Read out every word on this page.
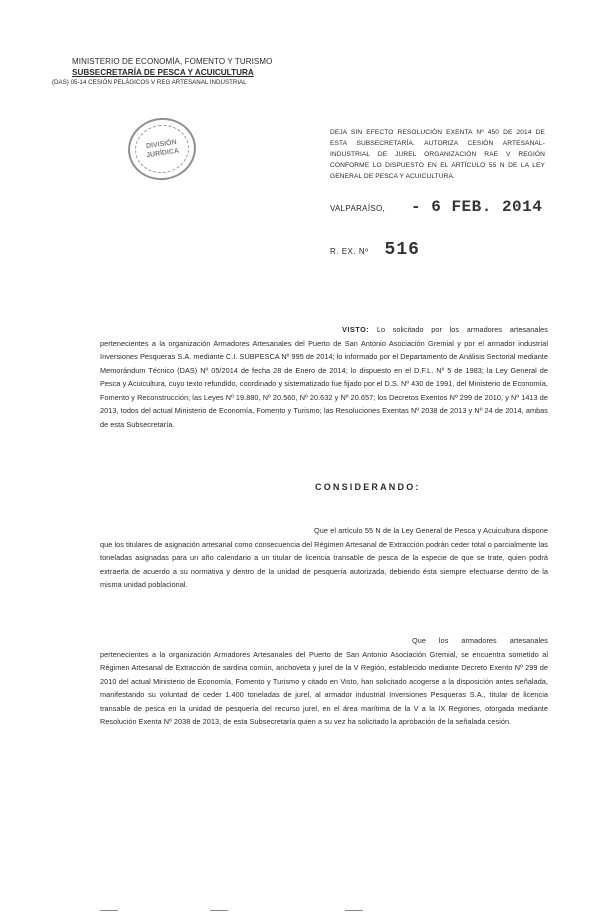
MINISTERIO DE ECONOMÍA, FOMENTO Y TURISMO
SUBSECRETARÍA DE PESCA Y ACUICULTURA
(DAS) 05-14 CESIÓN PELÁGICOS V REG ARTESANAL INDUSTRIAL
DIVISIÓN
JURÍDICA
DEJA SIN EFECTO RESOLUCIÓN EXENTA Nº 450 DE 2014 DE ESTA SUBSECRETARÍA. AUTORIZA CESIÓN ARTESANAL-INDUSTRIAL DE JUREL ORGANIZACIÓN RAE V REGIÓN CONFORME LO DISPUESTO EN EL ARTÍCULO 55 N DE LA LEY GENERAL DE PESCA Y ACUICULTURA.
VALPARAÍSO, - 6 FEB. 2014
R. EX. Nº 516
VISTO: Lo solicitado por los armadores artesanales pertenecientes a la organización Armadores Artesanales del Puerto de San Antonio Asociación Gremial y por el armador industrial Inversiones Pesqueras S.A. mediante C.I. SUBPESCA Nº 995 de 2014; lo informado por el Departamento de Análisis Sectorial mediante Memorándum Técnico (DAS) Nº 05/2014 de fecha 28 de Enero de 2014; lo dispuesto en el D.F.L. Nº 5 de 1983; la Ley General de Pesca y Acuicultura, cuyo texto refundido, coordinado y sistematizado fue fijado por el D.S. Nº 430 de 1991, del Ministerio de Economía, Fomento y Reconstrucción; las Leyes Nº 19.880, Nº 20.560, Nº 20.632 y Nº 20.657; los Decretos Exentos Nº 299 de 2010, y Nº 1413 de 2013, todos del actual Ministerio de Economía, Fomento y Turismo; las Resoluciones Exentas Nº 2038 de 2013 y Nº 24 de 2014, ambas de esta Subsecretaría.
CONSIDERANDO:
Que el artículo 55 N de la Ley General de Pesca y Acuicultura dispone que los titulares de asignación artesanal como consecuencia del Régimen Artesanal de Extracción podrán ceder total o parcialmente las toneladas asignadas para un año calendario a un titular de licencia transable de pesca de la especie de que se trate, quien podrá extraerla de acuerdo a su normativa y dentro de la unidad de pesquería autorizada, debiendo ésta siempre efectuarse dentro de la misma unidad poblacional.
Que los armadores artesanales pertenecientes a la organización Armadores Artesanales del Puerto de San Antonio Asociación Gremial, se encuentra sometido al Régimen Artesanal de Extracción de sardina común, anchoveta y jurel de la V Región, establecido mediante Decreto Exento Nº 299 de 2010 del actual Ministerio de Economía, Fomento y Turismo y citado en Visto, han solicitado acogerse a la disposición antes señalada, manifestando su voluntad de ceder 1.400 toneladas de jurel, al armador industrial Inversiones Pesqueras S.A., titular de licencia transable de pesca en la unidad de pesquería del recurso jurel, en el área marítima de la V a la IX Regiones, otorgada mediante Resolución Exenta Nº 2038 de 2013, de esta Subsecretaría quien a su vez ha solicitado la aprobación de la señalada cesión.
